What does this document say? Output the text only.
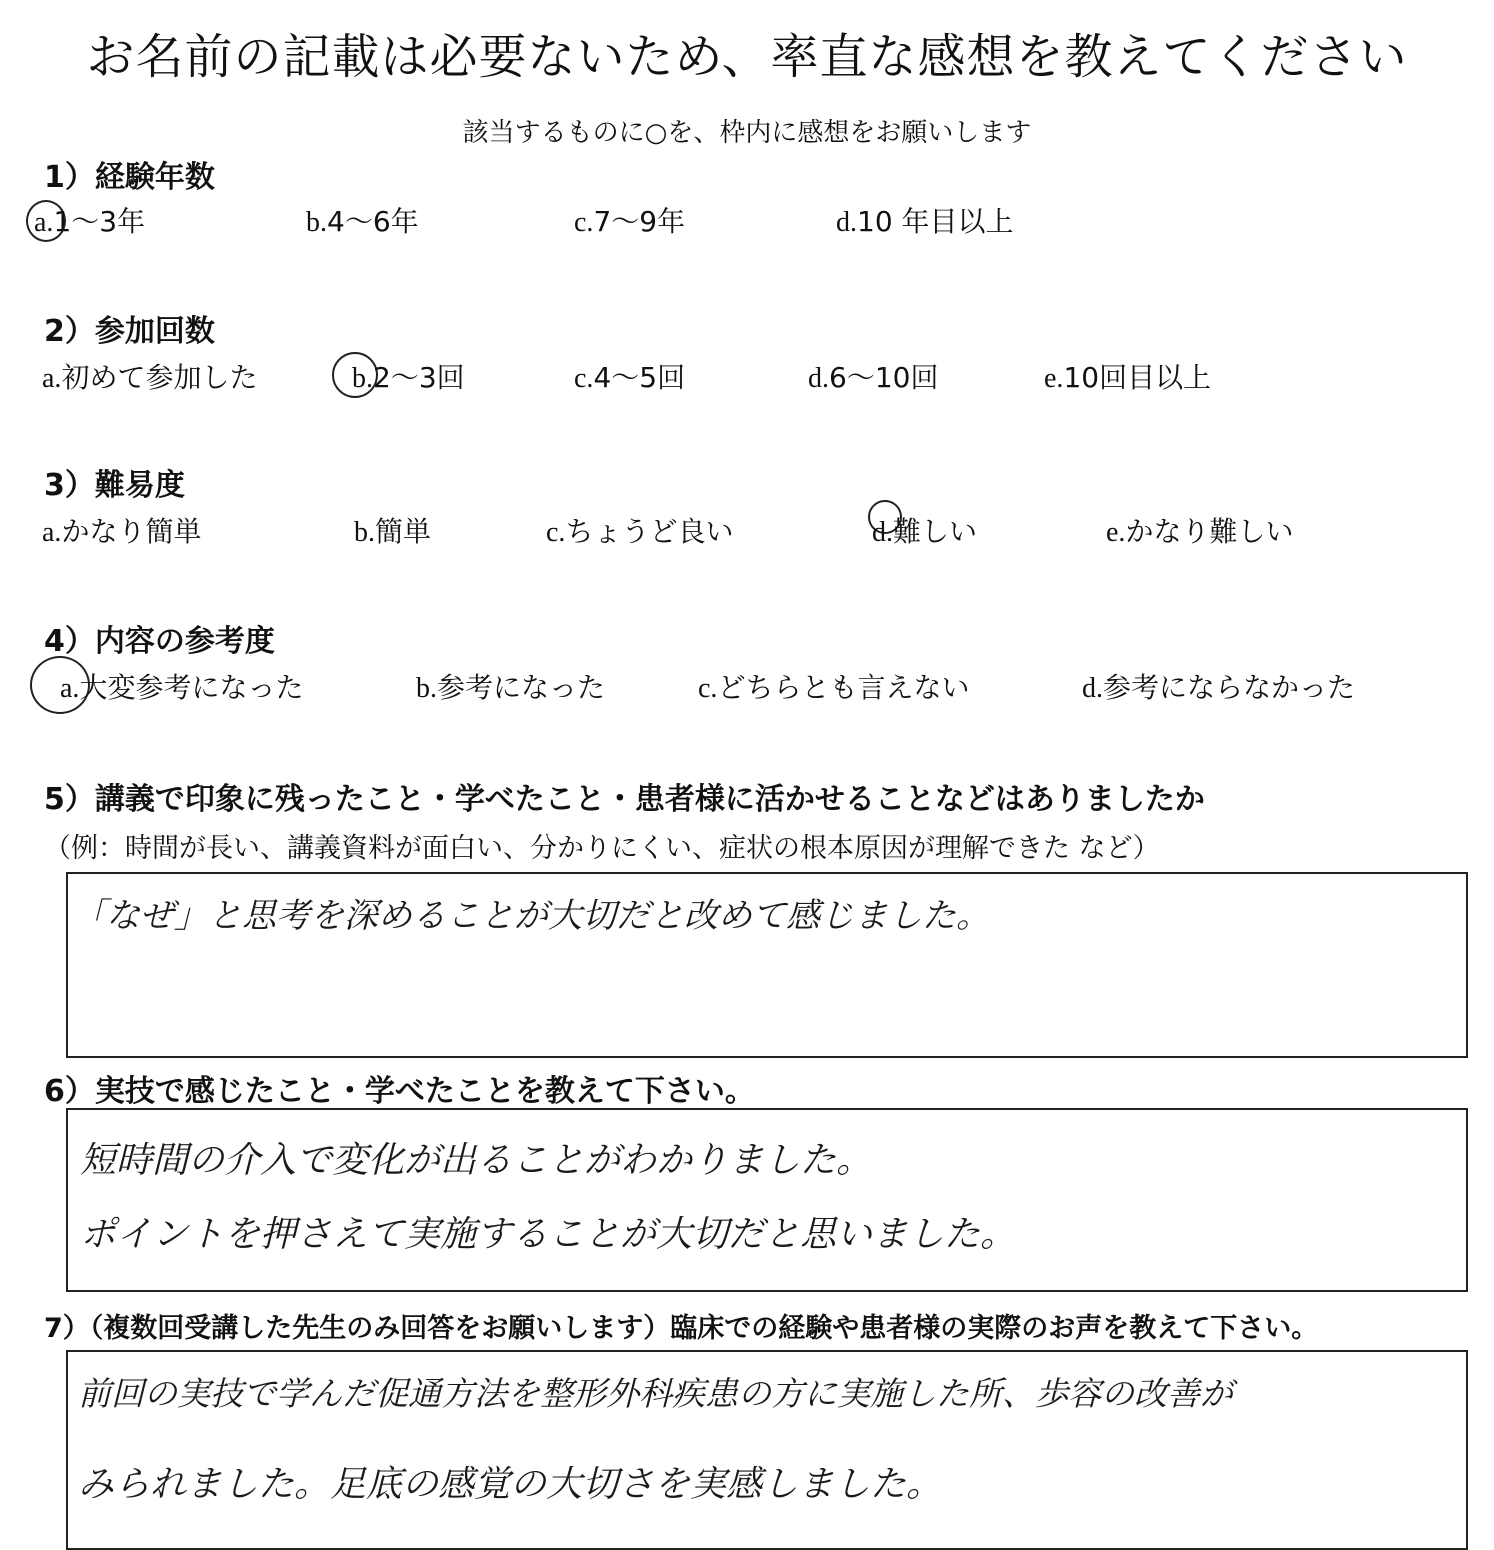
お名前の記載は必要ないため、率直な感想を教えてください
該当するものに○を、枠内に感想をお願いします
1）経験年数
a.1～3年	b.4～6年	c.7～9年	d.10 年目以上
2）参加回数
a.初めて参加した	b.2～3回	c.4～5回	d.6～10回	e.10回目以上
3）難易度
a.かなり簡単	b.簡単	c.ちょうど良い	d.難しい	e.かなり難しい
4）内容の参考度
a.大変参考になった	b.参考になった	c.どちらとも言えない	d.参考にならなかった
5）講義で印象に残ったこと・学べたこと・患者様に活かせることなどはありましたか
（例：時間が長い、講義資料が面白い、分かりにくい、症状の根本原因が理解できた など）
「なぜ」と思考を深めることが大切だと改めて感じました。
6）実技で感じたこと・学べたことを教えて下さい。
短時間の介入で変化が出ることがわかりました。
ポイントを押さえて実施することが大切だと思いました。
7）（複数回受講した先生のみ回答をお願いします）臨床での経験や患者様の実際のお声を教えて下さい。
前回の実技で学んだ促通方法を整形外科疾患の方に実施した所、歩容の改善が
みられました。足底の感覚の大切さを実感しました。
